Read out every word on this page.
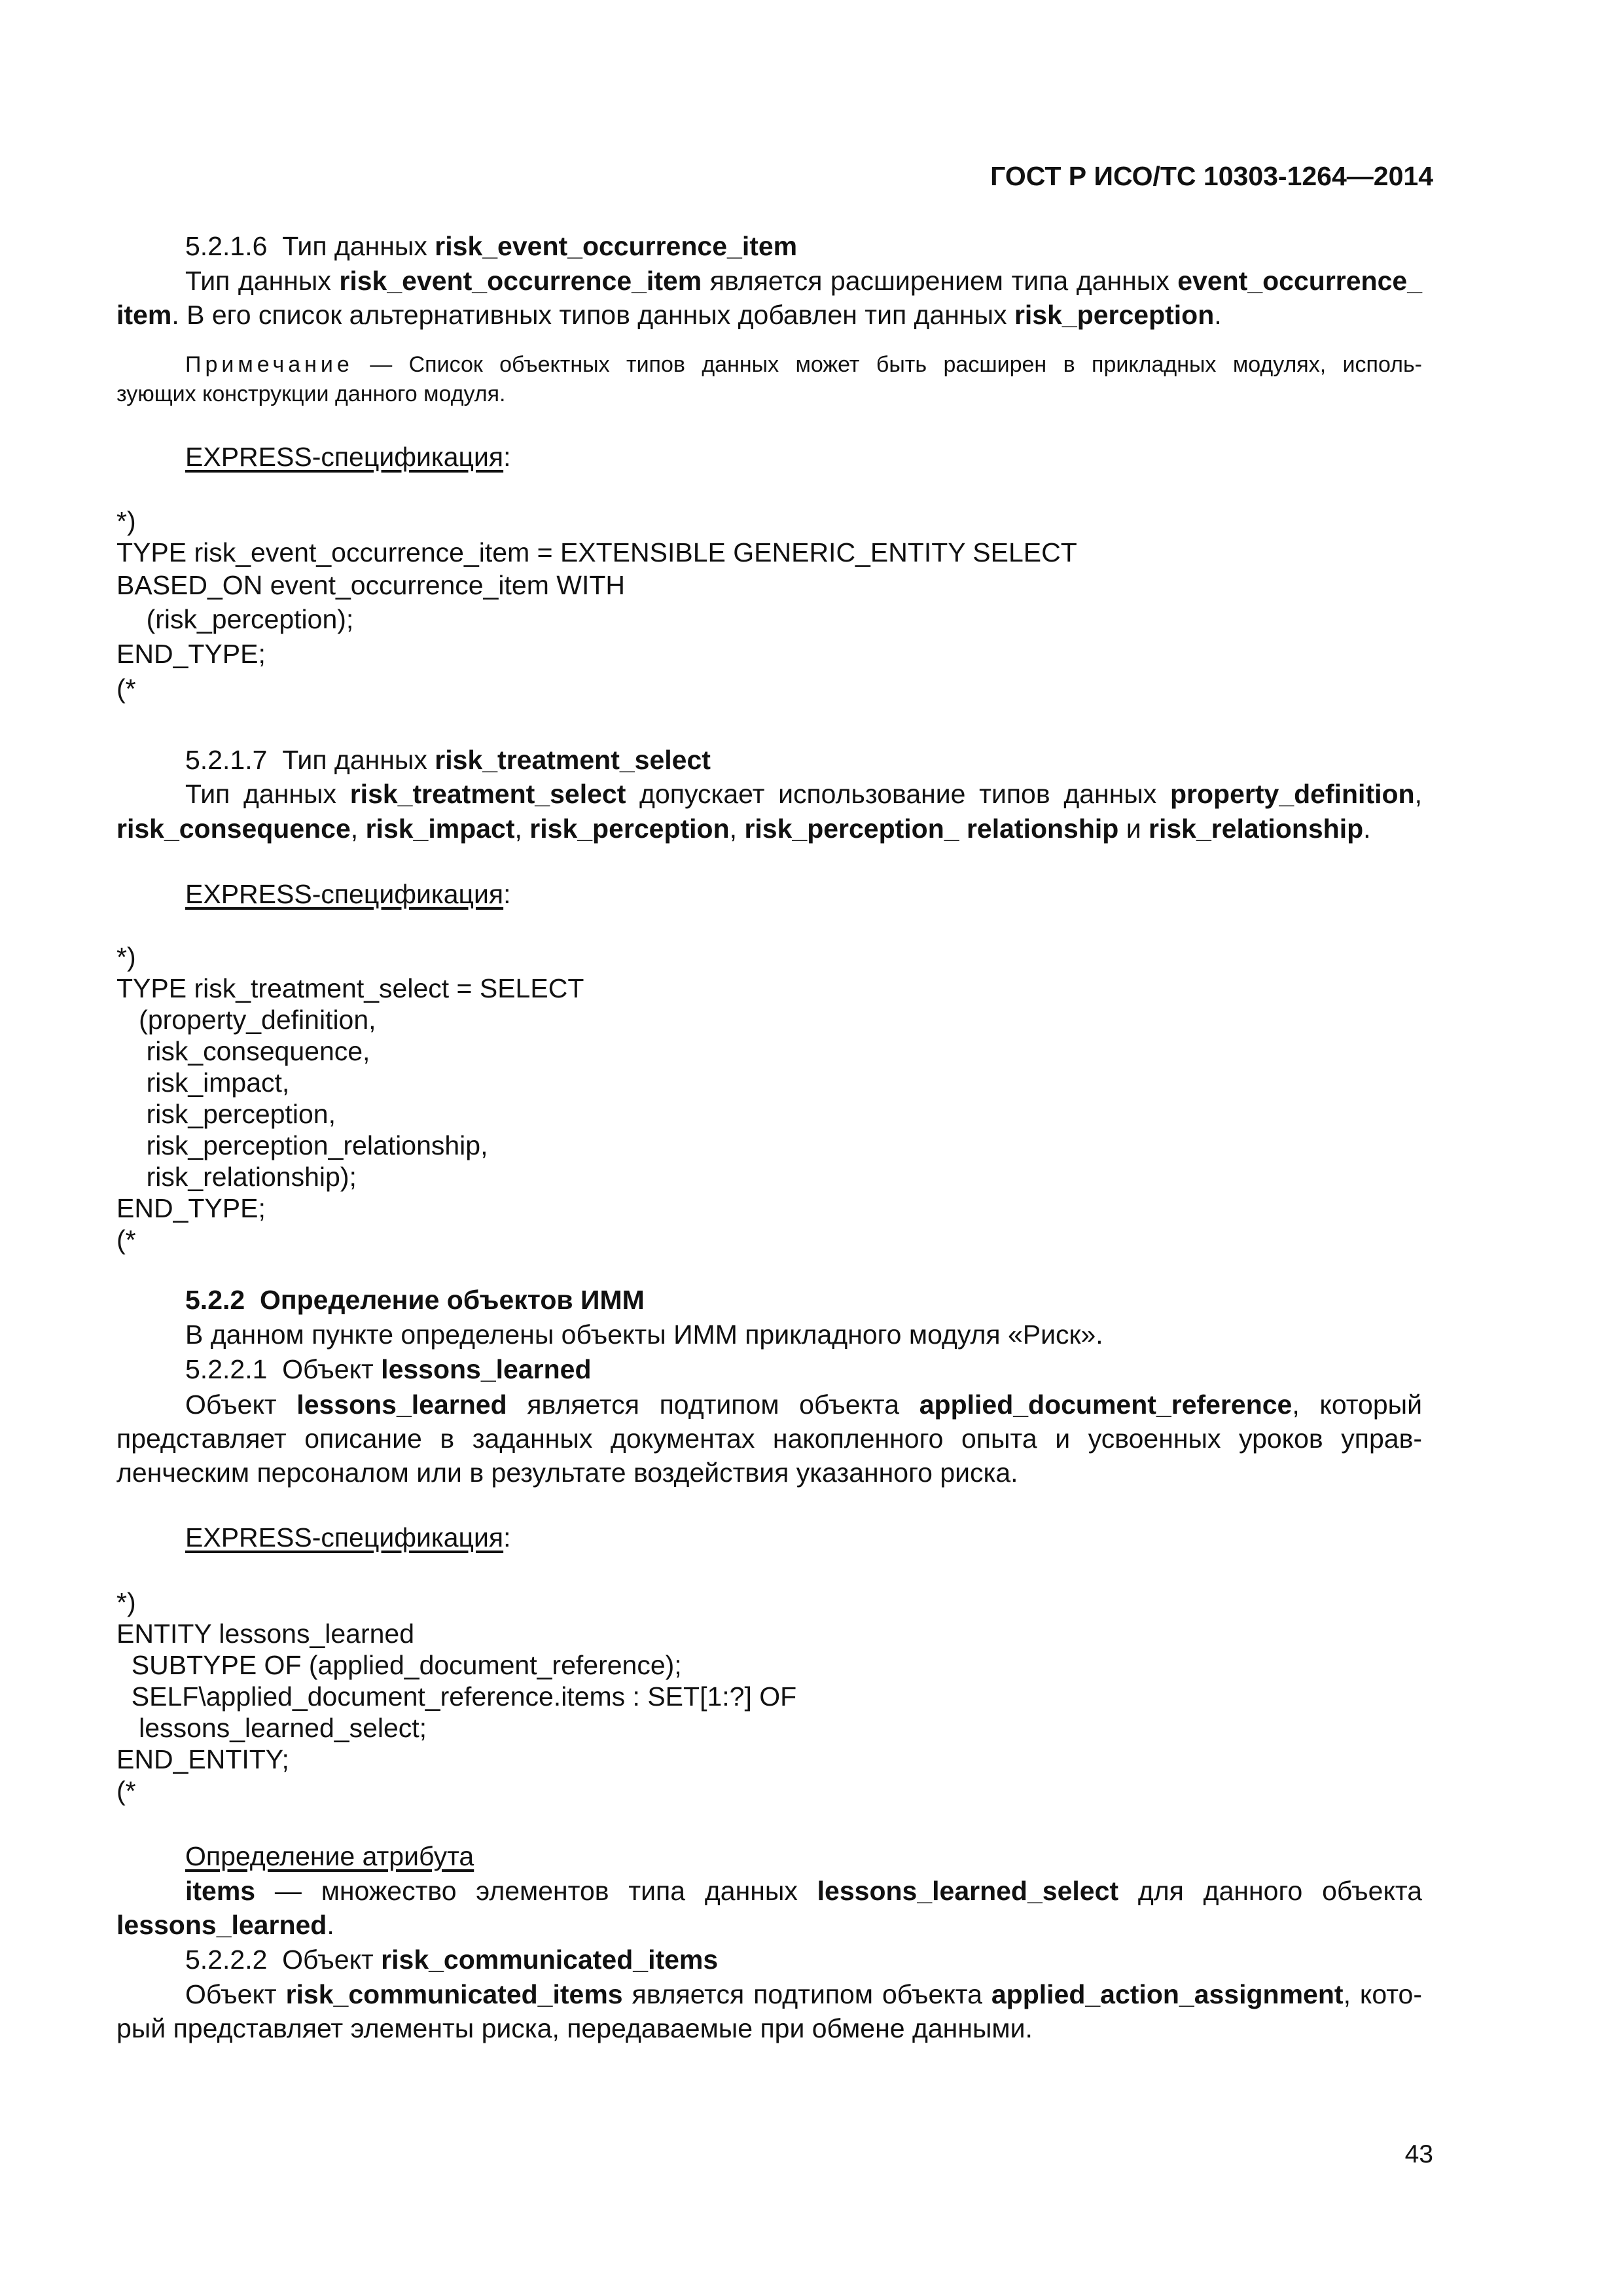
ГОСТ Р ИСО/ТС 10303-1264—2014
5.2.1.6 Тип данных risk_event_occurrence_item
Тип данных risk_event_occurrence_item является расширением типа данных event_occurrence_
item. В его список альтернативных типов данных добавлен тип данных risk_perception.
Примечание — Список объектных типов данных может быть расширен в прикладных модулях, исполь-
зующих конструкции данного модуля.
EXPRESS-спецификация:
*)
TYPE risk_event_occurrence_item = EXTENSIBLE GENERIC_ENTITY SELECT
BASED_ON event_occurrence_item WITH
(risk_perception);
END_TYPE;
(*
5.2.1.7 Тип данных risk_treatment_select
Тип данных risk_treatment_select допускает использование типов данных property_definition,
risk_consequence, risk_impact, risk_perception, risk_perception_ relationship и risk_relationship.
EXPRESS-спецификация:
*)
TYPE risk_treatment_select = SELECT
(property_definition,
risk_consequence,
risk_impact,
risk_perception,
risk_perception_relationship,
risk_relationship);
END_TYPE;
(*
5.2.2  Определение объектов ИММ
В данном пункте определены объекты ИММ прикладного модуля «Риск».
5.2.2.1  Объект lessons_learned
Объект lessons_learned является подтипом объекта applied_document_reference, который
представляет описание в заданных документах накопленного опыта и усвоенных уроков управ-
ленческим персоналом или в результате воздействия указанного риска.
EXPRESS-спецификация:
*)
ENTITY lessons_learned
SUBTYPE OF (applied_document_reference);
SELF\applied_document_reference.items : SET[1:?] OF
lessons_learned_select;
END_ENTITY;
(*
Определение атрибута
items — множество элементов типа данных lessons_learned_select для данного объекта
lessons_learned.
5.2.2.2  Объект risk_communicated_items
Объект risk_communicated_items является подтипом объекта applied_action_assignment, кото-
рый представляет элементы риска, передаваемые при обмене данными.
43
